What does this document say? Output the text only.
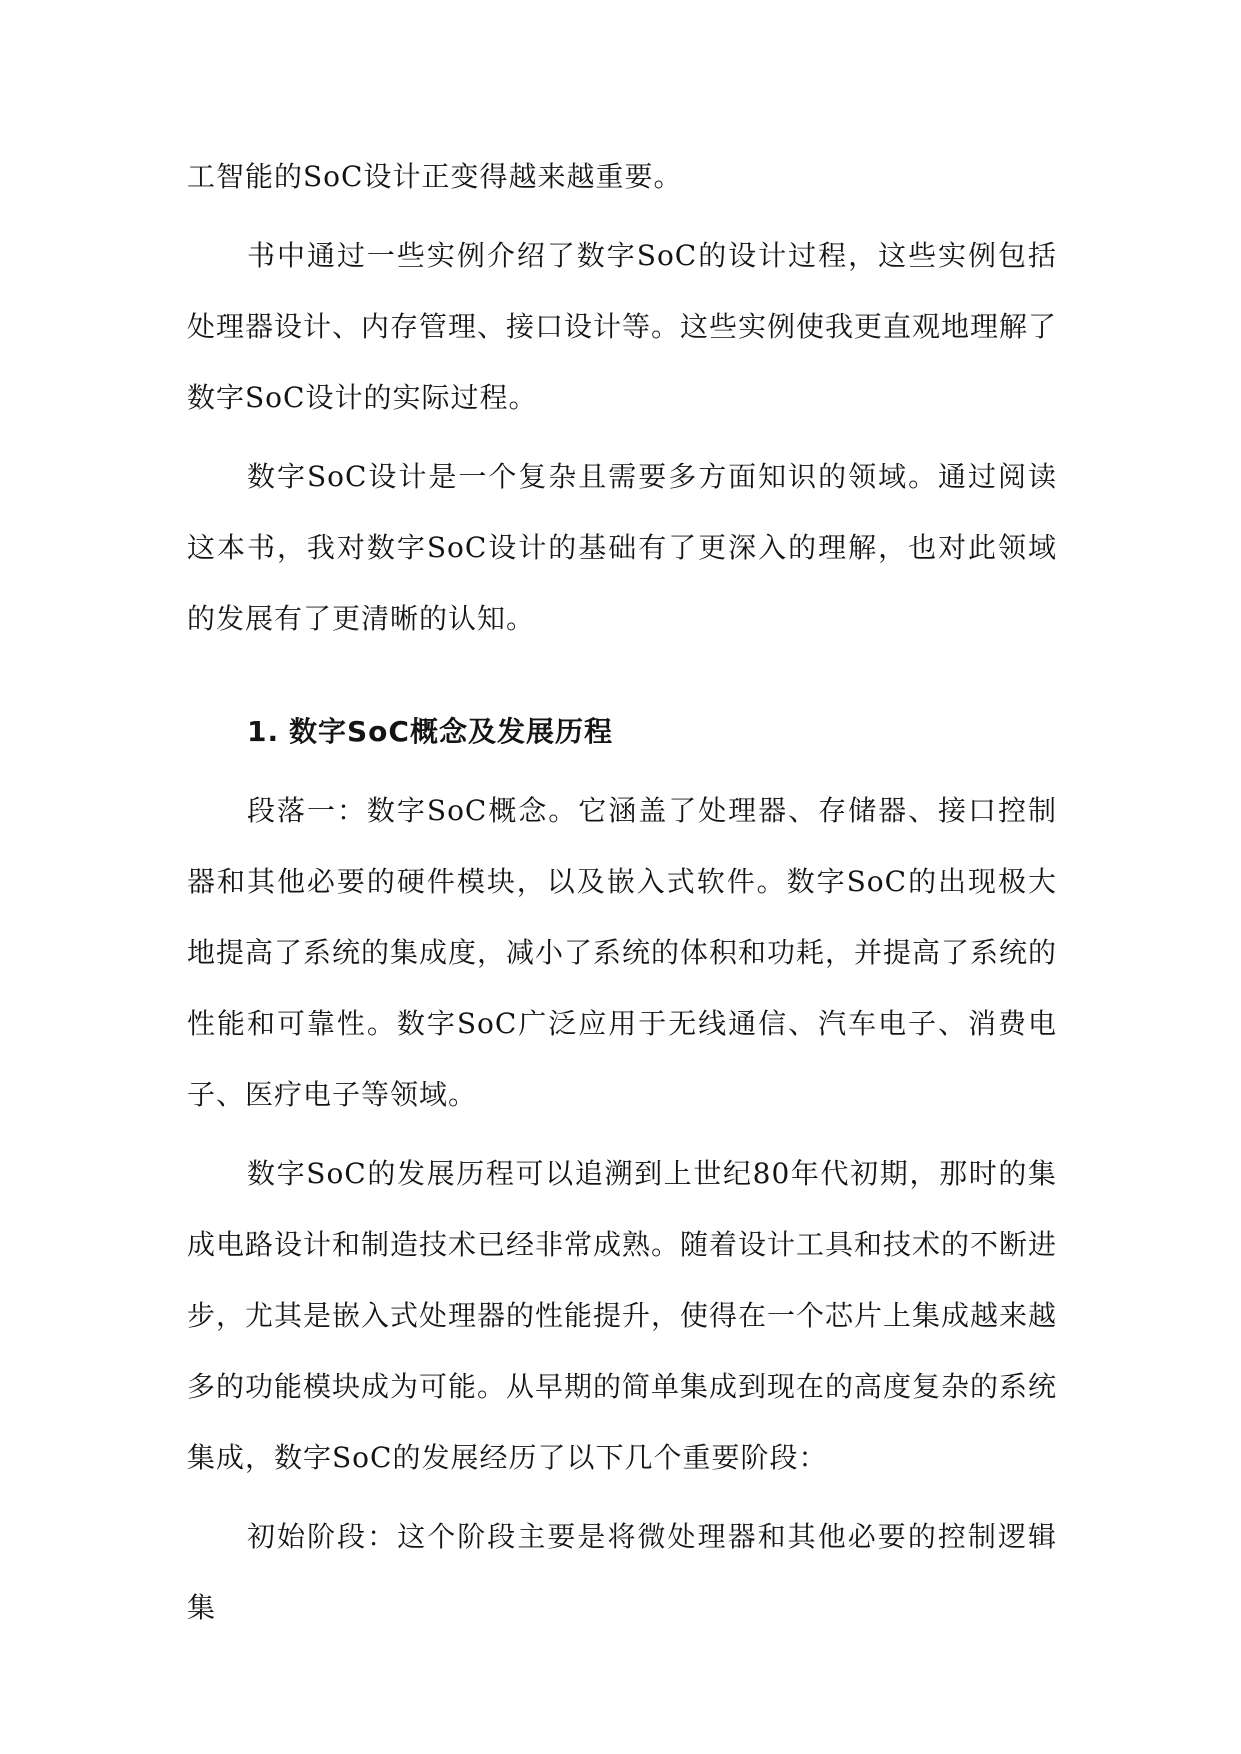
工智能的SoC设计正变得越来越重要。

书中通过一些实例介绍了数字SoC的设计过程，这些实例包括处理器设计、内存管理、接口设计等。这些实例使我更直观地理解了数字SoC设计的实际过程。

数字SoC设计是一个复杂且需要多方面知识的领域。通过阅读这本书，我对数字SoC设计的基础有了更深入的理解，也对此领域的发展有了更清晰的认知。

1. 数字SoC概念及发展历程

段落一：数字SoC概念。它涵盖了处理器、存储器、接口控制器和其他必要的硬件模块，以及嵌入式软件。数字SoC的出现极大地提高了系统的集成度，减小了系统的体积和功耗，并提高了系统的性能和可靠性。数字SoC广泛应用于无线通信、汽车电子、消费电子、医疗电子等领域。

数字SoC的发展历程可以追溯到上世纪80年代初期，那时的集成电路设计和制造技术已经非常成熟。随着设计工具和技术的不断进步，尤其是嵌入式处理器的性能提升，使得在一个芯片上集成越来越多的功能模块成为可能。从早期的简单集成到现在的高度复杂的系统集成，数字SoC的发展经历了以下几个重要阶段：

初始阶段：这个阶段主要是将微处理器和其他必要的控制逻辑集
